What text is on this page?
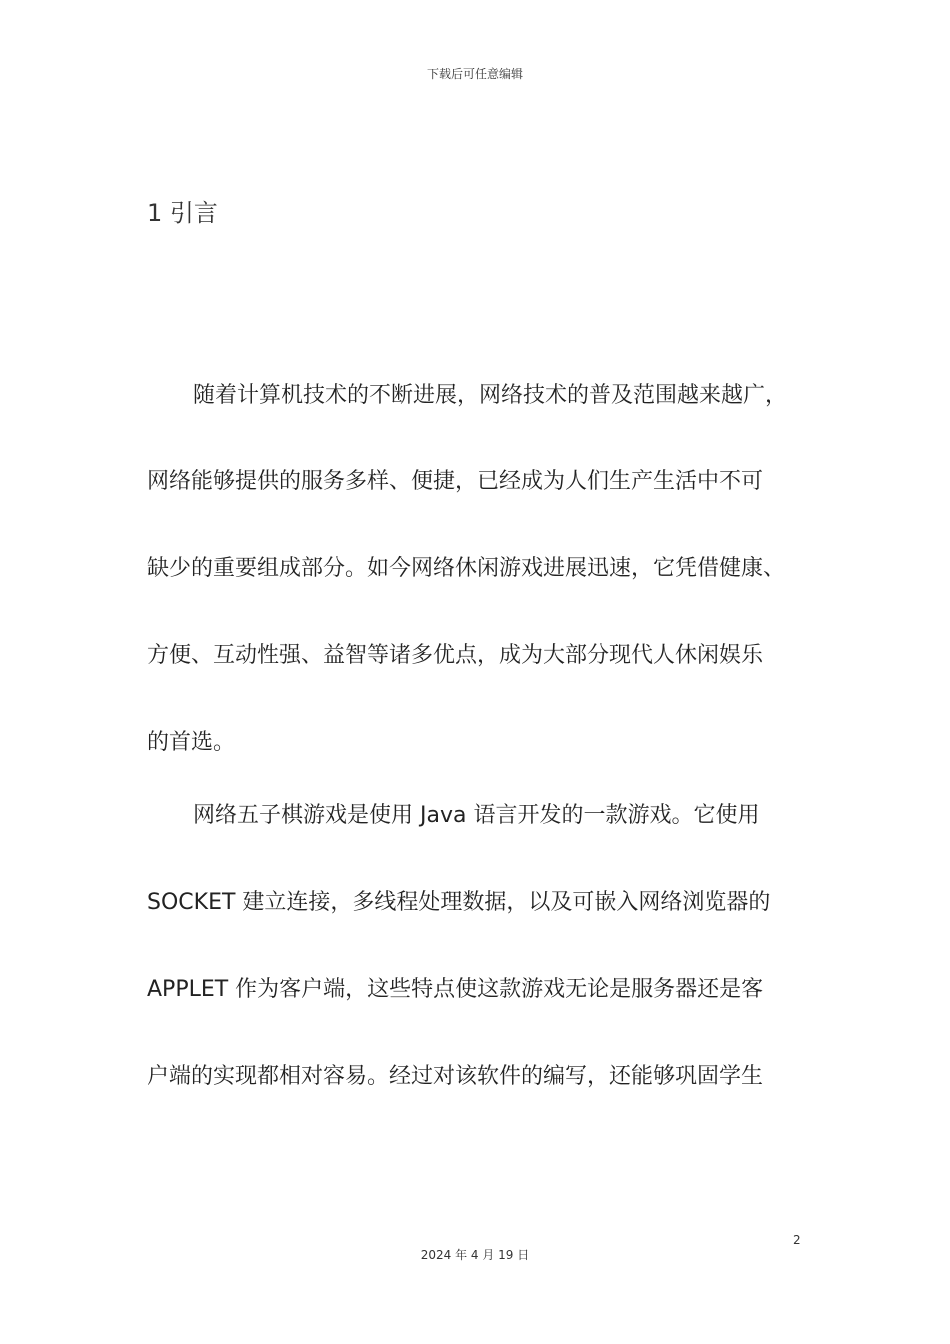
下载后可任意编辑
1 引言
随着计算机技术的不断进展，网络技术的普及范围越来越广，
网络能够提供的服务多样、便捷，已经成为人们生产生活中不可
缺少的重要组成部分。如今网络休闲游戏进展迅速，它凭借健康、
方便、互动性强、益智等诸多优点，成为大部分现代人休闲娱乐
的首选。
网络五子棋游戏是使用 Java 语言开发的一款游戏。它使用
SOCKET 建立连接，多线程处理数据，以及可嵌入网络浏览器的
APPLET 作为客户端，这些特点使这款游戏无论是服务器还是客
户端的实现都相对容易。经过对该软件的编写，还能够巩固学生
2
2024 年 4 月 19 日
